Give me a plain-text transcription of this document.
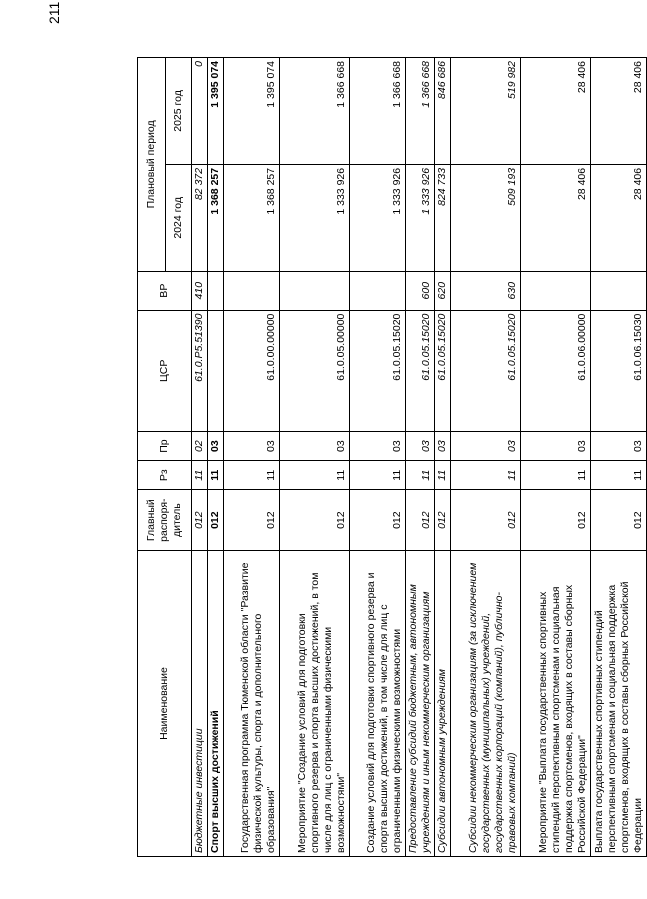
211
Наименование	Главный распоря-дитель	Рз	Пр	ЦСР	ВР	Плановый период	
						2024 год	2025 год
Бюджетные инвестиции	012	11	02	61.0.P5.51390	410	82 372	0
Спорт высших достижений	012	11	03			1 368 257	1 395 074
Государственная программа Тюменской области "Развитие физической культуры, спорта и дополнительного образования"	012	11	03	61.0.00.00000		1 368 257	1 395 074
Мероприятие "Создание условий для подготовки спортивного резерва и спорта высших достижений, в том числе для лиц с ограниченными физическими возможностями"	012	11	03	61.0.05.00000		1 333 926	1 366 668
Создание условий для подготовки спортивного резерва и спорта высших достижений, в том числе для лиц с ограниченными физическими возможностями	012	11	03	61.0.05.15020		1 333 926	1 366 668
Предоставление субсидий бюджетным, автономным учреждениям и иным некоммерческим организациям	012	11	03	61.0.05.15020	600	1 333 926	1 366 668
Субсидии автономным учреждениям	012	11	03	61.0.05.15020	620	824 733	846 686
Субсидии некоммерческим организациям (за исключением государственных (муниципальных) учреждений, государственных корпораций (компаний), публично-правовых компаний)	012	11	03	61.0.05.15020	630	509 193	519 982
Мероприятие "Выплата государственных спортивных стипендий перспективным спортсменам и социальная поддержка спортсменов, входящих в составы сборных Российской Федерации"	012	11	03	61.0.06.00000		28 406	28 406
Выплата государственных спортивных стипендий перспективным спортсменам и социальная поддержка спортсменов, входящих в составы сборных Российской Федерации	012	11	03	61.0.06.15030		28 406	28 406
